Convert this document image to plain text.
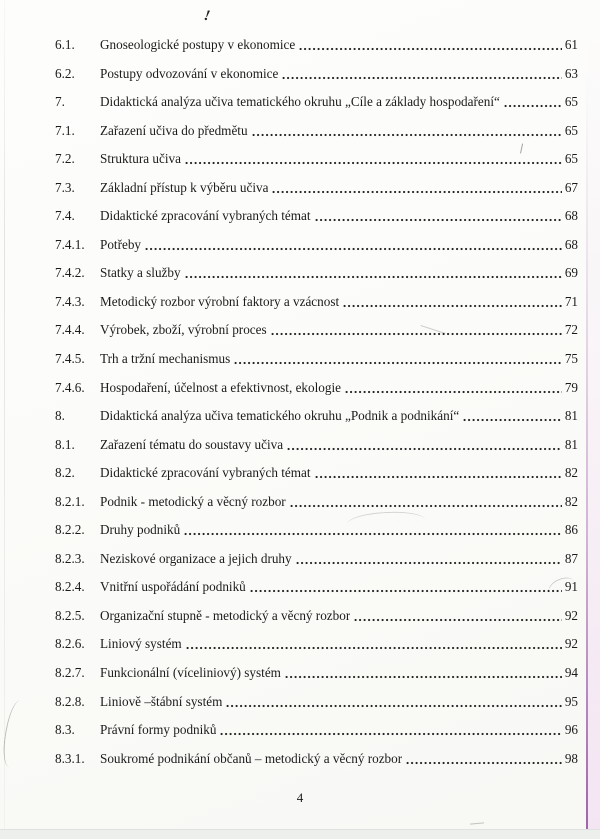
!
6.1.	Gnoseologické postupy v ekonomice	61
6.2.	Postupy odvozování v ekonomice	63
7.	Didaktická analýza učiva tematického okruhu „Cíle a základy hospodaření“	65
7.1.	Zařazení učiva do předmětu	65
7.2.	Struktura učiva	65
7.3.	Základní přístup k výběru učiva	67
7.4.	Didaktické zpracování vybraných témat	68
7.4.1.	Potřeby	68
7.4.2.	Statky a služby	69
7.4.3.	Metodický rozbor výrobní faktory a vzácnost	71
7.4.4.	Výrobek, zboží, výrobní proces	72
7.4.5.	Trh a tržní mechanismus	75
7.4.6.	Hospodaření, účelnost a efektivnost, ekologie	79
8.	Didaktická analýza učiva tematického okruhu „Podnik a podnikání“	81
8.1.	Zařazení tématu do soustavy učiva	81
8.2.	Didaktické zpracování vybraných témat	82
8.2.1.	Podnik - metodický a věcný rozbor	82
8.2.2.	Druhy podniků	86
8.2.3.	Neziskové organizace a jejich druhy	87
8.2.4.	Vnitřní uspořádání podniků	91
8.2.5.	Organizační stupně - metodický a věcný rozbor	92
8.2.6.	Liniový systém	92
8.2.7.	Funkcionální (víceliniový) systém	94
8.2.8.	Liniově –štábní systém	95
8.3.	Právní formy podniků	96
8.3.1.	Soukromé podnikání občanů – metodický a věcný rozbor	98
4
